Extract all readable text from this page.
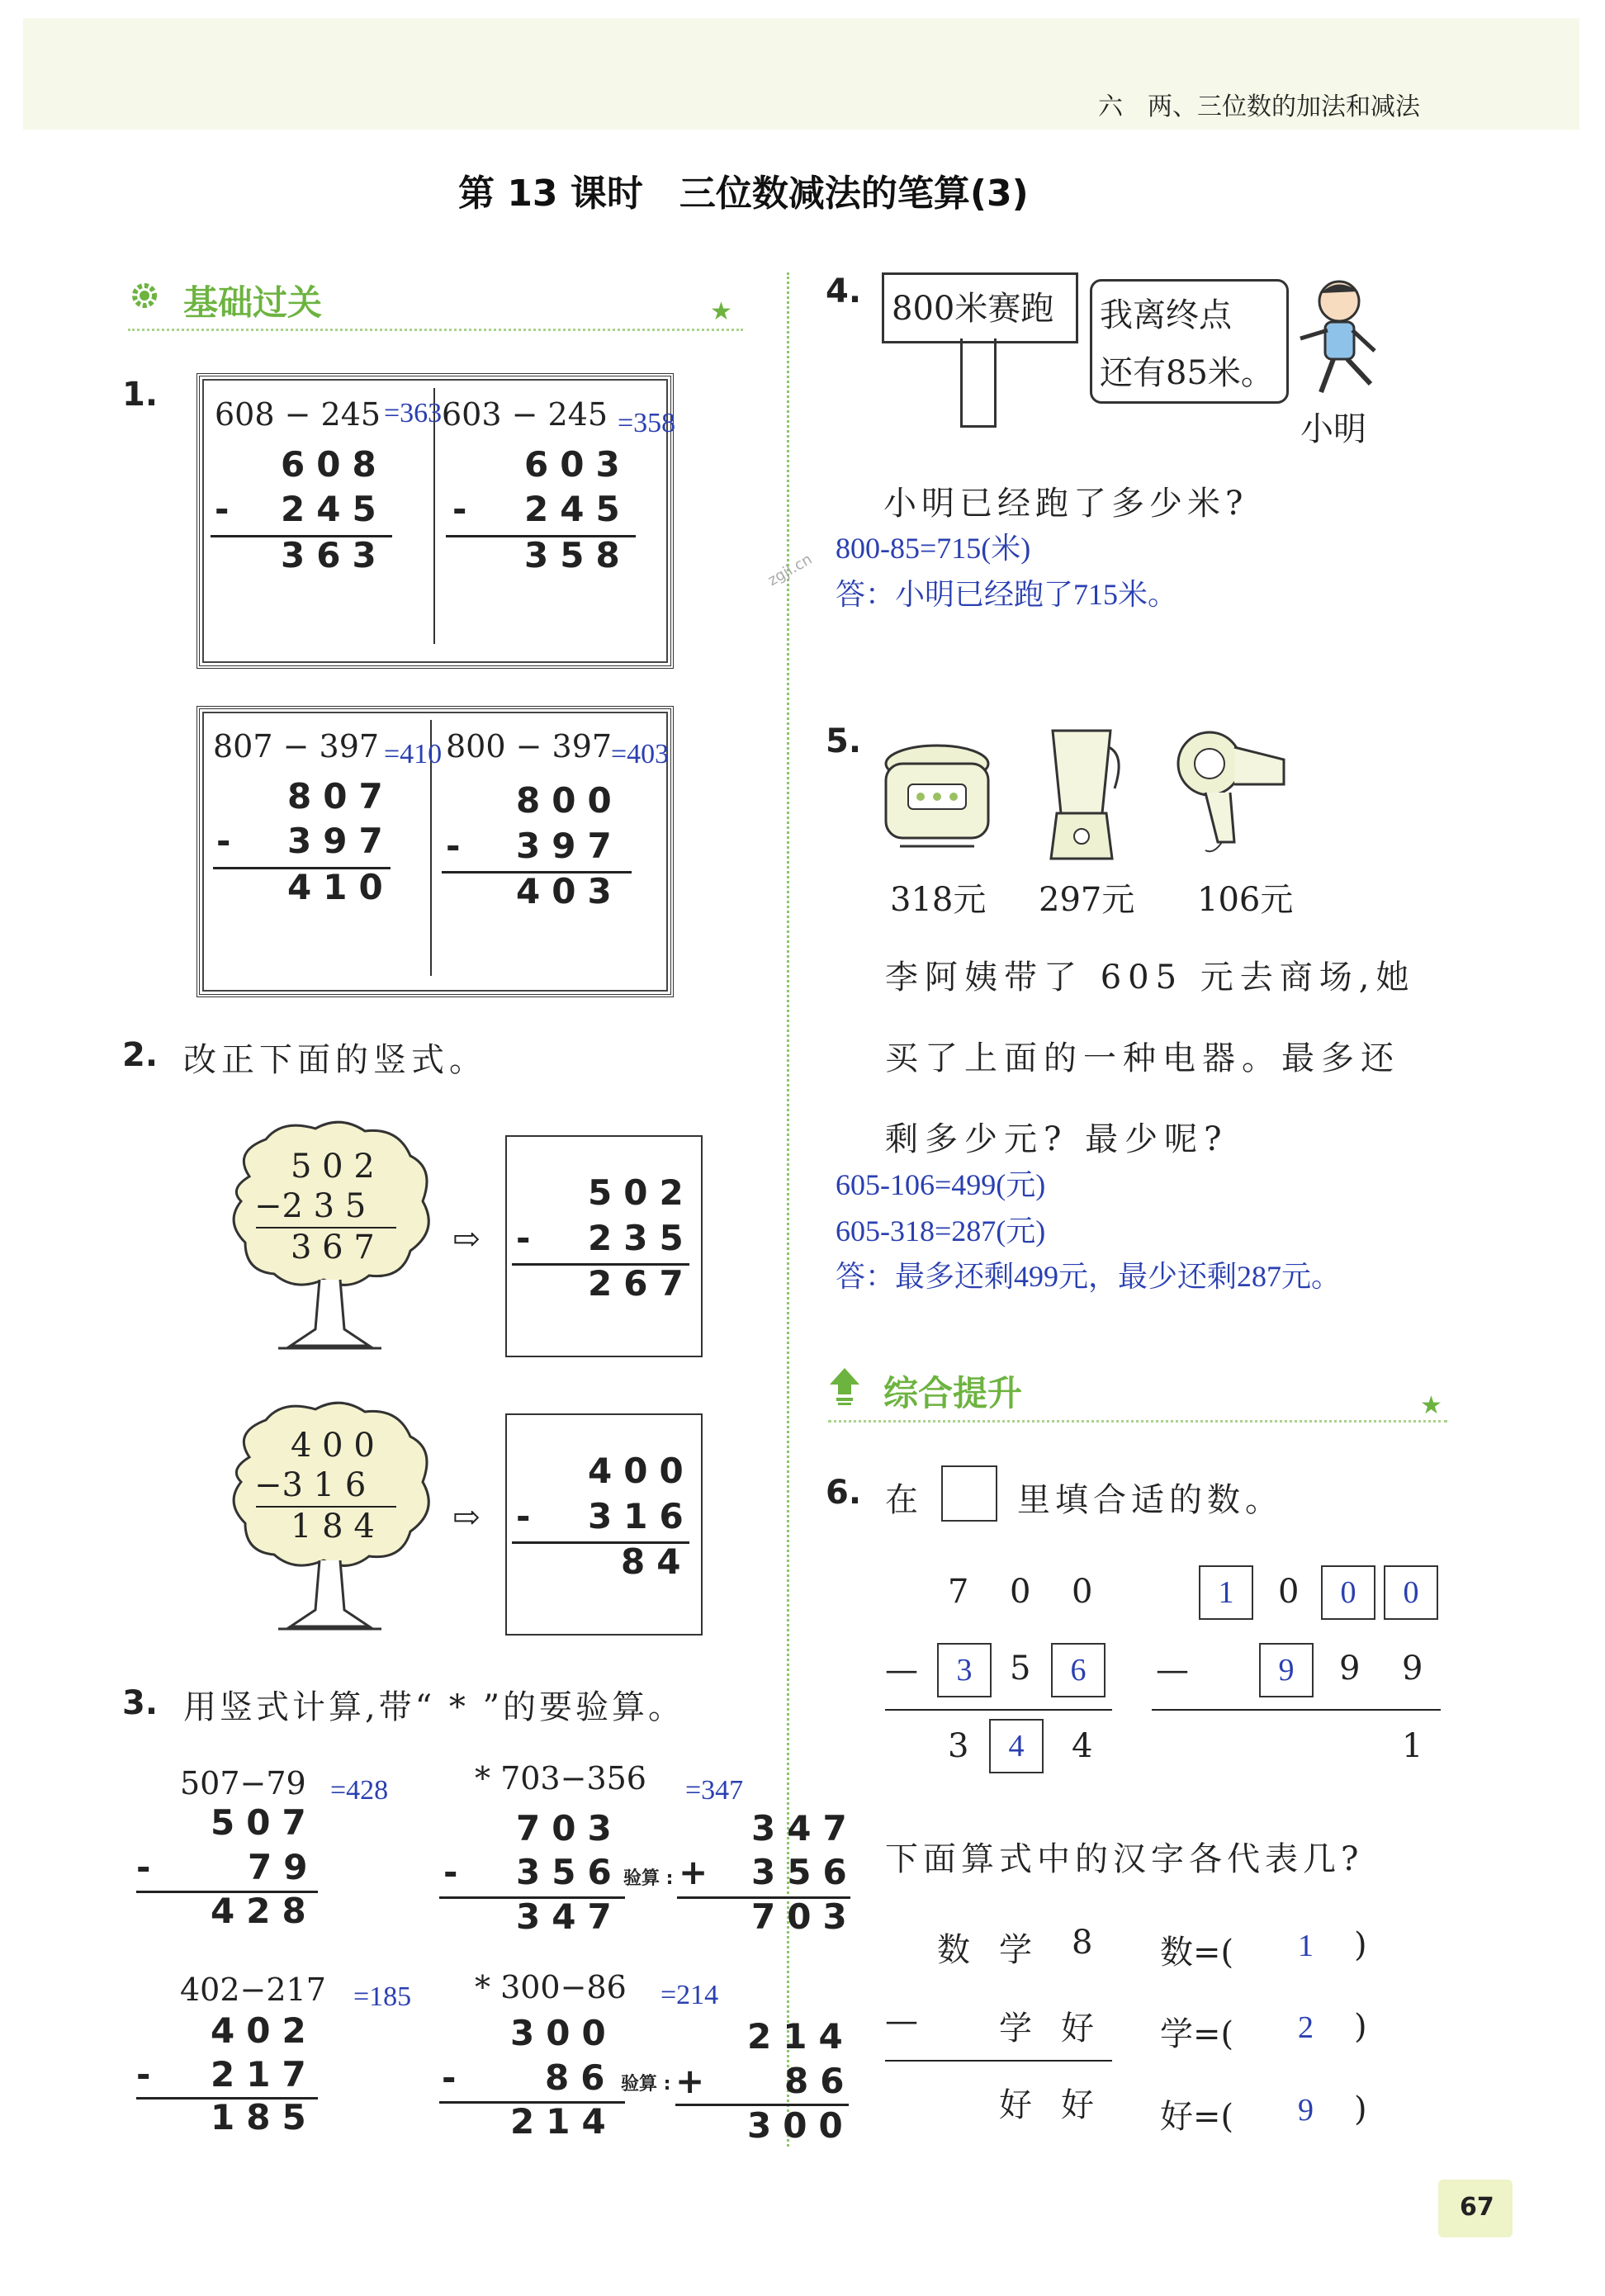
六　两、三位数的加法和减法
第 13 课时　三位数减法的笔算(3)
基础过关	★
1.
608 − 245 =363
608
- 245
363
603 − 245 =358
603
- 245
358
807 − 397 =410
807
- 397
410
800 − 397
=403
800
- 397
403
2. 改正下面的竖式。
5 0 2
−2 3 5
3 6 7 ⇨
502
- 235
267
4 0 0
−3 1 6
1 8 4 ⇨
400
- 316
84
3. 用竖式计算,带“ * ”的要验算。
507−79 =428
507
- 79
428
* 703−356 =347
703
- 356 验算 :
347
347
+ 356
703
402−217 =185
402
- 217
185
* 300−86 =214
300
- 86 验算 :
214
214
+ 86
300
4. 800米赛跑 我离终点
还有85米。
小明
小明已经跑了多少米?
800-85=715(米)
答：小明已经跑了715米。
zgjl.cn
5.
318元 297元 106元
李阿姨带了 605 元去商场,她
买了上面的一种电器。最多还
剩多少元? 最少呢?
605-106=499(元)
605-318=287(元)
答：最多还剩499元，最少还剩287元。
综合提升	★
6. 在	里填合适的数。
7 0 0
—	3	5	6
3	4	4
1	0	0	0
—	9	9 9
1
下面算式中的汉字各代表几?
数 学 8
— 学 好
好 好
数=( 1 )
学=( 2 )
好=( 9 )
67
